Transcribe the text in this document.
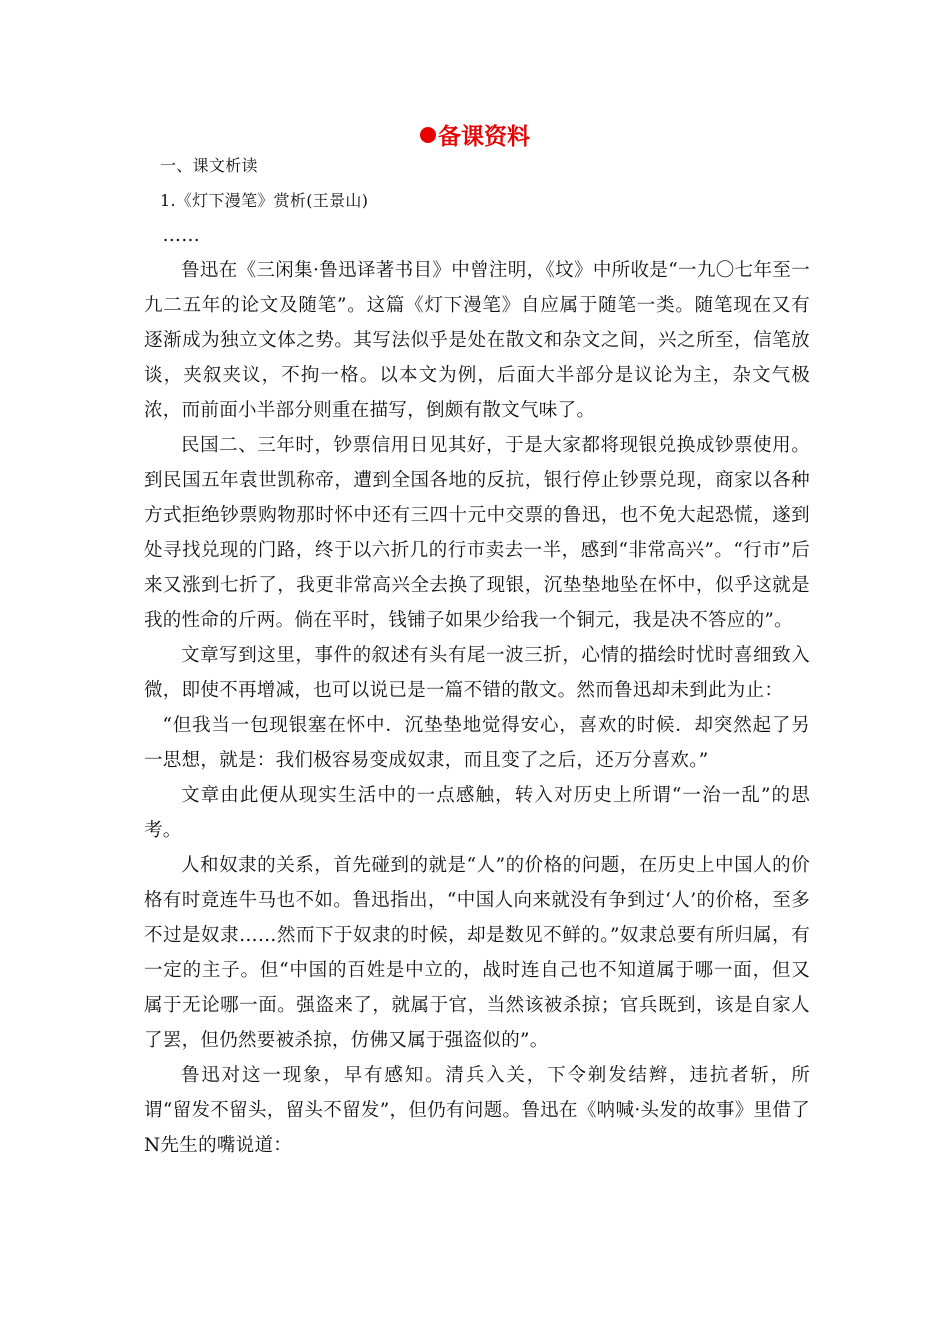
备课资料

一、课文析读

1.《灯下漫笔》赏析(王景山)

……

鲁迅在《三闲集·鲁迅译著书目》中曾注明，《坟》中所收是“一九〇七年至一九二五年的论文及随笔”。这篇《灯下漫笔》自应属于随笔一类。随笔现在又有逐渐成为独立文体之势。其写法似乎是处在散文和杂文之间，兴之所至，信笔放谈，夹叙夹议，不拘一格。以本文为例，后面大半部分是议论为主，杂文气极浓，而前面小半部分则重在描写，倒颇有散文气味了。

民国二、三年时，钞票信用日见其好，于是大家都将现银兑换成钞票使用。到民国五年袁世凯称帝，遭到全国各地的反抗，银行停止钞票兑现，商家以各种方式拒绝钞票购物那时怀中还有三四十元中交票的鲁迅，也不免大起恐慌，遂到处寻找兑现的门路，终于以六折几的行市卖去一半，感到“非常高兴”。“行市”后来又涨到七折了，我更非常高兴全去换了现银，沉垫垫地坠在怀中，似乎这就是我的性命的斤两。倘在平时，钱铺子如果少给我一个铜元，我是决不答应的”。

文章写到这里，事件的叙述有头有尾一波三折，心情的描绘时忧时喜细致入微，即使不再增减，也可以说已是一篇不错的散文。然而鲁迅却未到此为止：

“但我当一包现银塞在怀中．沉垫垫地觉得安心，喜欢的时候．却突然起了另一思想，就是：我们极容易变成奴隶，而且变了之后，还万分喜欢。”

文章由此便从现实生活中的一点感触，转入对历史上所谓“一治一乱”的思考。

人和奴隶的关系，首先碰到的就是“人”的价格的问题，在历史上中国人的价格有时竟连牛马也不如。鲁迅指出，“中国人向来就没有争到过‘人’的价格，至多不过是奴隶……然而下于奴隶的时候，却是数见不鲜的。”奴隶总要有所归属，有一定的主子。但“中国的百姓是中立的，战时连自己也不知道属于哪一面，但又属于无论哪一面。强盗来了，就属于官，当然该被杀掠；官兵既到，该是自家人了罢，但仍然要被杀掠，仿佛又属于强盗似的”。

鲁迅对这一现象，早有感知。清兵入关，下令剃发结辫，违抗者斩，所谓“留发不留头，留头不留发”，但仍有问题。鲁迅在《呐喊·头发的故事》里借了N先生的嘴说道：
